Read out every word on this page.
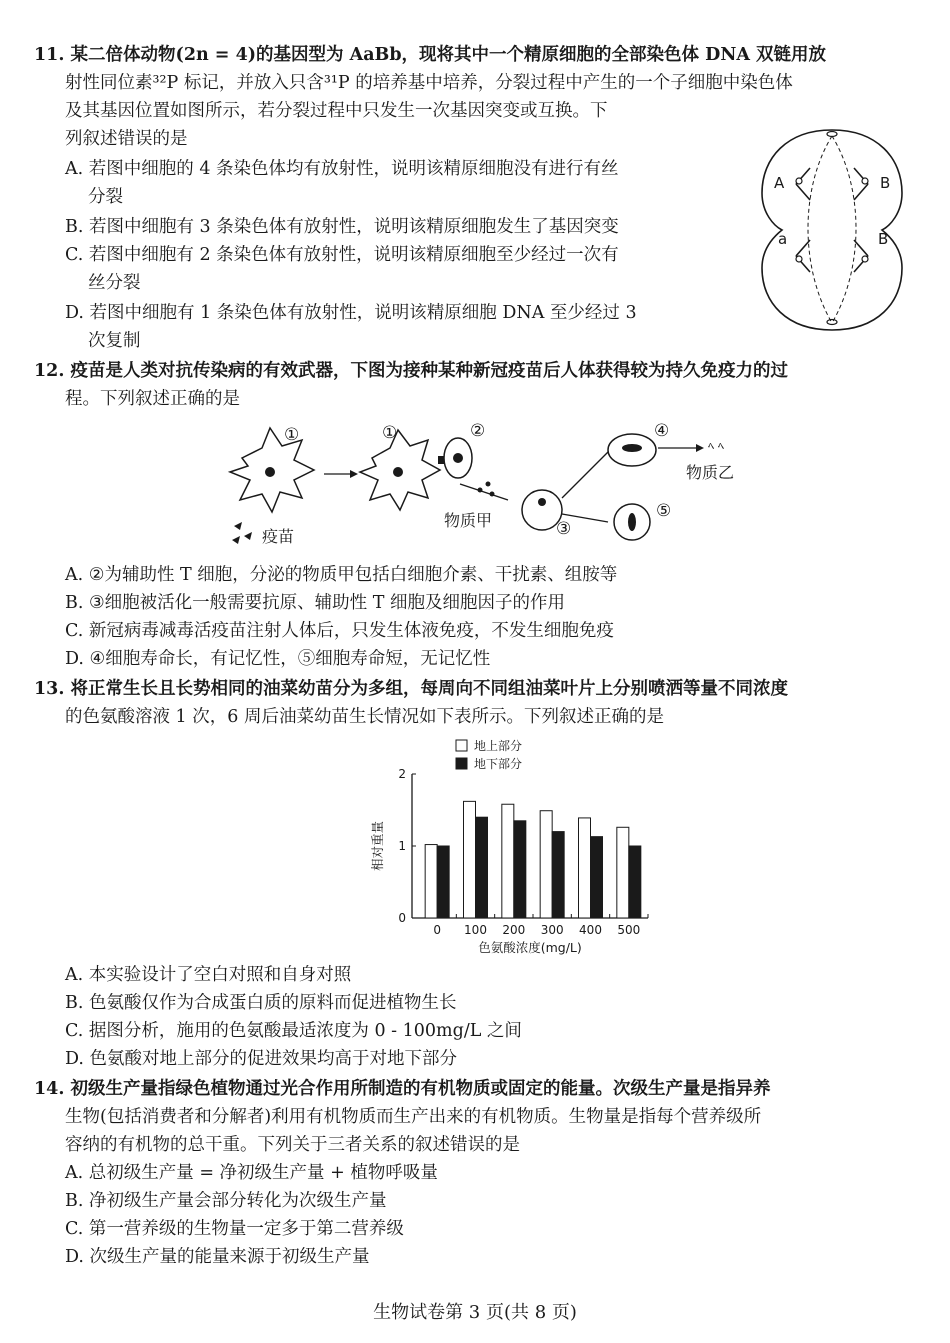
11. 某二倍体动物(2n = 4)的基因型为 AaBb，现将其中一个精原细胞的全部染色体 DNA 双链用放
射性同位素³²P 标记，并放入只含³¹P 的培养基中培养，分裂过程中产生的一个子细胞中染色体
及其基因位置如图所示，若分裂过程中只发生一次基因突变或互换。下
列叙述错误的是
A. 若图中细胞的 4 条染色体均有放射性，说明该精原细胞没有进行有丝
分裂
B. 若图中细胞有 3 条染色体有放射性，说明该精原细胞发生了基因突变
C. 若图中细胞有 2 条染色体有放射性，说明该精原细胞至少经过一次有
丝分裂
D. 若图中细胞有 1 条染色体有放射性，说明该精原细胞 DNA 至少经过 3
次复制
A	B
a	B
12. 疫苗是人类对抗传染病的有效武器，下图为接种某种新冠疫苗后人体获得较为持久免疫力的过
程。下列叙述正确的是
①
疫苗
①	②
物质甲	③
④
ﾍ ﾍ
物质乙
⑤
A. ②为辅助性 T 细胞，分泌的物质甲包括白细胞介素、干扰素、组胺等
B. ③细胞被活化一般需要抗原、辅助性 T 细胞及细胞因子的作用
C. 新冠病毒减毒活疫苗注射人体后，只发生体液免疫，不发生细胞免疫
D. ④细胞寿命长，有记忆性，⑤细胞寿命短，无记忆性
13. 将正常生长且长势相同的油菜幼苗分为多组，每周向不同组油菜叶片上分别喷洒等量不同浓度
的色氨酸溶液 1 次，6 周后油菜幼苗生长情况如下表所示。下列叙述正确的是
地上部分
地下部分
0
1
2
0 100 200 300 400 500
色氨酸浓度(mg/L)
相对重量
A. 本实验设计了空白对照和自身对照
B. 色氨酸仅作为合成蛋白质的原料而促进植物生长
C. 据图分析，施用的色氨酸最适浓度为 0 - 100mg/L 之间
D. 色氨酸对地上部分的促进效果均高于对地下部分
14. 初级生产量指绿色植物通过光合作用所制造的有机物质或固定的能量。次级生产量是指异养
生物(包括消费者和分解者)利用有机物质而生产出来的有机物质。生物量是指每个营养级所
容纳的有机物的总干重。下列关于三者关系的叙述错误的是
A. 总初级生产量 = 净初级生产量 + 植物呼吸量
B. 净初级生产量会部分转化为次级生产量
C. 第一营养级的生物量一定多于第二营养级
D. 次级生产量的能量来源于初级生产量
生物试卷第 3 页(共 8 页)
